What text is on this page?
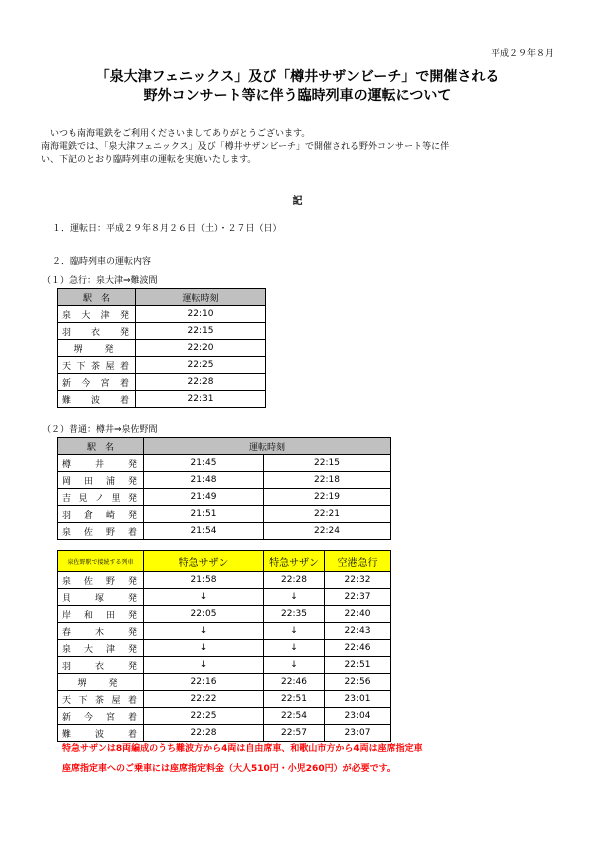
平成２９年８月
「泉大津フェニックス」及び「樽井サザンビーチ」で開催される
野外コンサート等に伴う臨時列車の運転について
　いつも南海電鉄をご利用くださいましてありがとうございます。
南海電鉄では、「泉大津フェニックス」及び「樽井サザンビーチ」で開催される野外コンサート等に伴
い、下記のとおり臨時列車の運転を実施いたします。
記
１．運転日：平成２９年８月２６日（土）・２７日（日）
２．臨時列車の運転内容
（１）急行：泉大津⇒難波間
駅　名	運転時刻

泉​大​津​発	22:10

羽​衣​発	22:15
堺 発	22:20

天​下​茶​屋​着	22:25

新​今​宮​着	22:28

難​波​着	22:31
（２）普通：樽井⇒泉佐野間
駅　名	運転時刻		

樽​井​発	21:45	22:15	

岡​田​浦​発	21:48	22:18	

吉​見​ノ​里​発	21:49	22:19	

羽​倉​崎​発	21:51	22:21	

泉​佐​野​着	21:54	22:24	

泉佐野駅で接続する列車	特急サザン	特急サザン	空港急行

泉​佐​野​発	21:58	22:28	22:32

貝​塚​発	↓	↓	22:37

岸​和​田​発	22:05	22:35	22:40

春​木​発	↓	↓	22:43

泉​大​津​発	↓	↓	22:46

羽​衣​発	↓	↓	22:51
堺 発	22:16	22:46	22:56

天​下​茶​屋​着	22:22	22:51	23:01

新​今​宮​着	22:25	22:54	23:04

難​波​着	22:28	22:57	23:07
特急サザンは8両編成のうち難波方から4両は自由席車、和歌山市方から4両は座席指定車
座席指定車へのご乗車には座席指定料金（大人510円・小児260円）が必要です。
